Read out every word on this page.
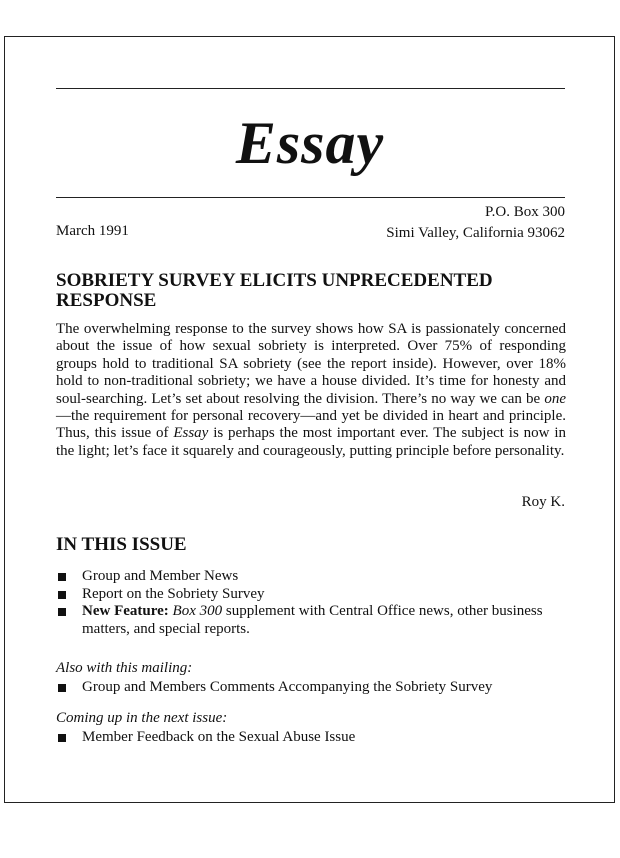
Essay
March 1991
P.O. Box 300
Simi Valley, California 93062
SOBRIETY SURVEY ELICITS UNPRECEDENTED RESPONSE

The overwhelming response to the survey shows how SA is passionately concerned about the issue of how sexual sobriety is interpreted. Over 75% of responding groups hold to traditional SA sobriety (see the report inside). However, over 18% hold to non-traditional sobriety; we have a house divided. It’s time for honesty and soul-searching. Let’s set about resolving the division. There’s no way we can be one—the requirement for personal recovery—and yet be divided in heart and principle. Thus, this issue of Essay is perhaps the most important ever. The subject is now in the light; let’s face it squarely and courageously, putting principle before personality.

Roy K.
IN THIS ISSUE
Group and Member News
Report on the Sobriety Survey
New Feature: Box 300 supplement with Central Office news, other business matters, and special reports.
Also with this mailing:
Group and Members Comments Accompanying the Sobriety Survey
Coming up in the next issue:
Member Feedback on the Sexual Abuse Issue
